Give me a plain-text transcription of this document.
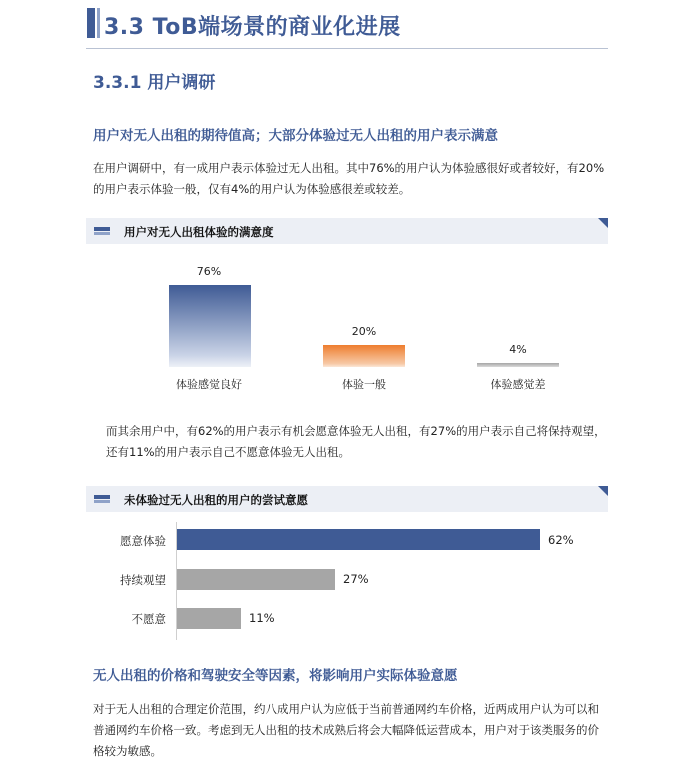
3.3 ToB端场景的商业化进展
3.3.1 用户调研
用户对无人出租的期待值高；大部分体验过无人出租的用户表示满意
在用户调研中，有一成用户表示体验过无人出租。其中76%的用户认为体验感很好或者较好，有20%的用户表示体验一般，仅有4%的用户认为体验感很差或较差。
用户对无人出租体验的满意度
76%
20%
4%
体验感觉良好	体验一般	体验感觉差
而其余用户中，有62%的用户表示有机会愿意体验无人出租，有27%的用户表示自己将保持观望，还有11%的用户表示自己不愿意体验无人出租。
未体验过无人出租的用户的尝试意愿
愿意体验
持续观望
不愿意
62%
27%
11%
无人出租的价格和驾驶安全等因素，将影响用户实际体验意愿
对于无人出租的合理定价范围，约八成用户认为应低于当前普通网约车价格，近两成用户认为可以和普通网约车价格一致。考虑到无人出租的技术成熟后将会大幅降低运营成本，用户对于该类服务的价格较为敏感。
